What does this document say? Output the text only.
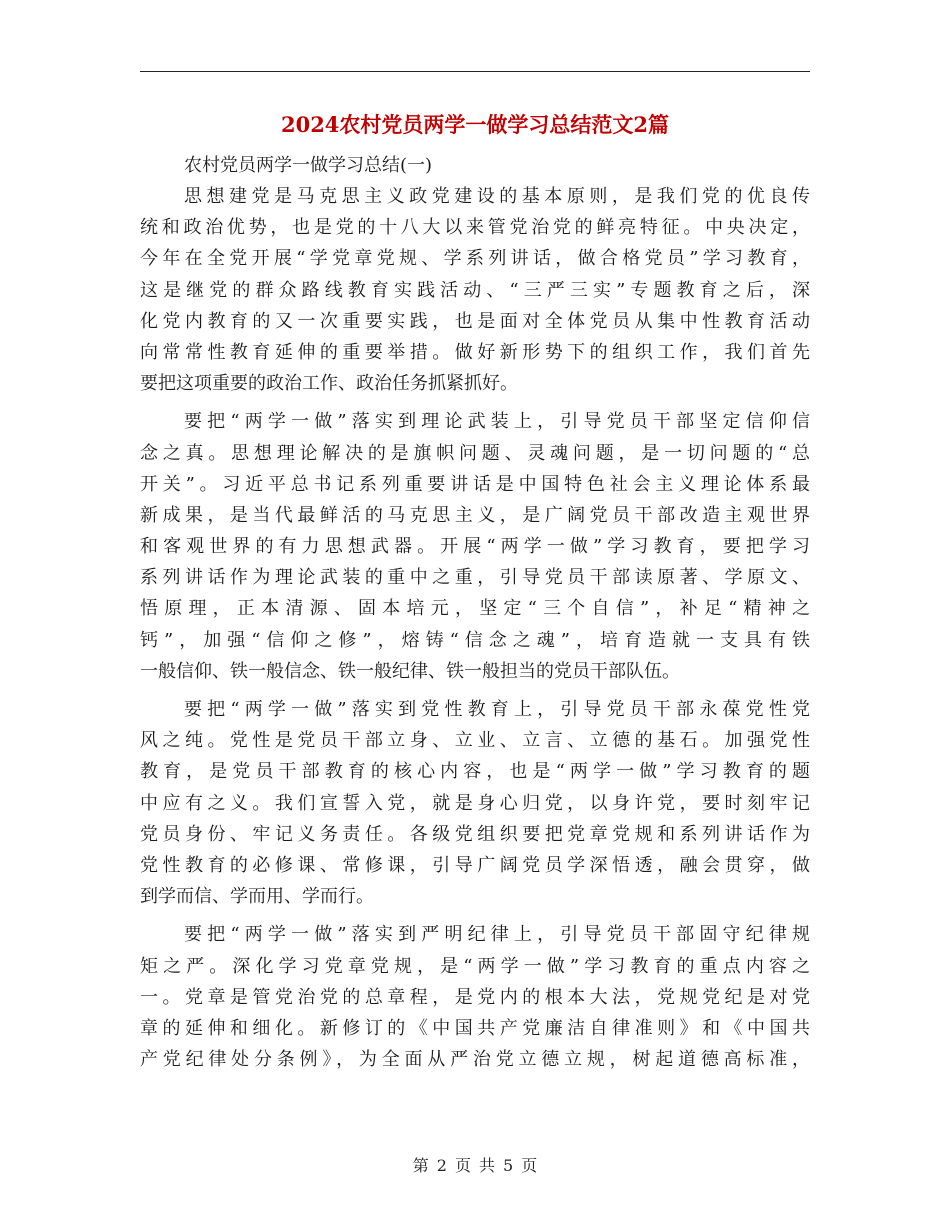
2024农村党员两学一做学习总结范文2篇

农村党员两学一做学习总结(一)

思想建党是马克思主义政党建设的基本原则，是我们党的优良传
统和政治优势，也是党的十八大以来管党治党的鲜亮特征。中央决定，
今年在全党开展“学党章党规、学系列讲话，做合格党员”学习教育，
这是继党的群众路线教育实践活动、“三严三实”专题教育之后，深
化党内教育的又一次重要实践，也是面对全体党员从集中性教育活动
向常常性教育延伸的重要举措。做好新形势下的组织工作，我们首先
要把这项重要的政治工作、政治任务抓紧抓好。

要把“两学一做”落实到理论武装上，引导党员干部坚定信仰信
念之真。思想理论解决的是旗帜问题、灵魂问题，是一切问题的“总
开关”。习近平总书记系列重要讲话是中国特色社会主义理论体系最
新成果，是当代最鲜活的马克思主义，是广阔党员干部改造主观世界
和客观世界的有力思想武器。开展“两学一做”学习教育，要把学习
系列讲话作为理论武装的重中之重，引导党员干部读原著、学原文、
悟原理，正本清源、固本培元，坚定“三个自信”，补足“精神之
钙”，加强“信仰之修”，熔铸“信念之魂”，培育造就一支具有铁
一般信仰、铁一般信念、铁一般纪律、铁一般担当的党员干部队伍。

要把“两学一做”落实到党性教育上，引导党员干部永葆党性党
风之纯。党性是党员干部立身、立业、立言、立德的基石。加强党性
教育，是党员干部教育的核心内容，也是“两学一做”学习教育的题
中应有之义。我们宣誓入党，就是身心归党，以身许党，要时刻牢记
党员身份、牢记义务责任。各级党组织要把党章党规和系列讲话作为
党性教育的必修课、常修课，引导广阔党员学深悟透，融会贯穿，做
到学而信、学而用、学而行。

要把“两学一做”落实到严明纪律上，引导党员干部固守纪律规
矩之严。深化学习党章党规，是“两学一做”学习教育的重点内容之
一。党章是管党治党的总章程，是党内的根本大法，党规党纪是对党
章的延伸和细化。新修订的《中国共产党廉洁自律准则》和《中国共
产党纪律处分条例》，为全面从严治党立德立规，树起道德高标准，

第 2 页 共 5 页
